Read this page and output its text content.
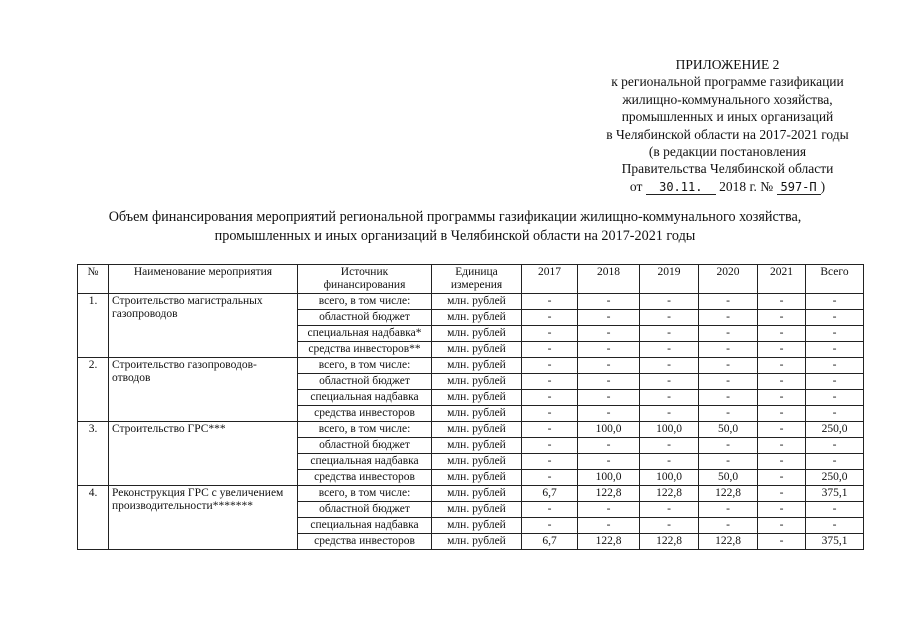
ПРИЛОЖЕНИЕ 2
к региональной программе газификации
жилищно-коммунального хозяйства,
промышленных и иных организаций
в Челябинской области на 2017-2021 годы
(в редакции постановления
Правительства Челябинской области
от 30.11. 2018 г. № 597-П )
Объем финансирования мероприятий региональной программы газификации жилищно-коммунального хозяйства,
промышленных и иных организаций в Челябинской области на 2017-2021 годы
№	Наименование мероприятия	Источник финансирования	Единица измерения	2017	2018	2019	2020	2021	Всего
1.	Строительство магистральных газопроводов	всего, в том числе:	млн. рублей	-	-	-	-	-	-
		областной бюджет	млн. рублей	-	-	-	-	-	-
		специальная надбавка*	млн. рублей	-	-	-	-	-	-
		средства инвесторов**	млн. рублей	-	-	-	-	-	-
2.	Строительство газопроводов-отводов	всего, в том числе:	млн. рублей	-	-	-	-	-	-
		областной бюджет	млн. рублей	-	-	-	-	-	-
		специальная надбавка	млн. рублей	-	-	-	-	-	-
		средства инвесторов	млн. рублей	-	-	-	-	-	-
3.	Строительство ГРС***	всего, в том числе:	млн. рублей	-	100,0	100,0	50,0	-	250,0
		областной бюджет	млн. рублей	-	-	-	-	-	-
		специальная надбавка	млн. рублей	-	-	-	-	-	-
		средства инвесторов	млн. рублей	-	100,0	100,0	50,0	-	250,0
4.	Реконструкция ГРС с увеличением производительности*******	всего, в том числе:	млн. рублей	6,7	122,8	122,8	122,8	-	375,1
		областной бюджет	млн. рублей	-	-	-	-	-	-
		специальная надбавка	млн. рублей	-	-	-	-	-	-
		средства инвесторов	млн. рублей	6,7	122,8	122,8	122,8	-	375,1
